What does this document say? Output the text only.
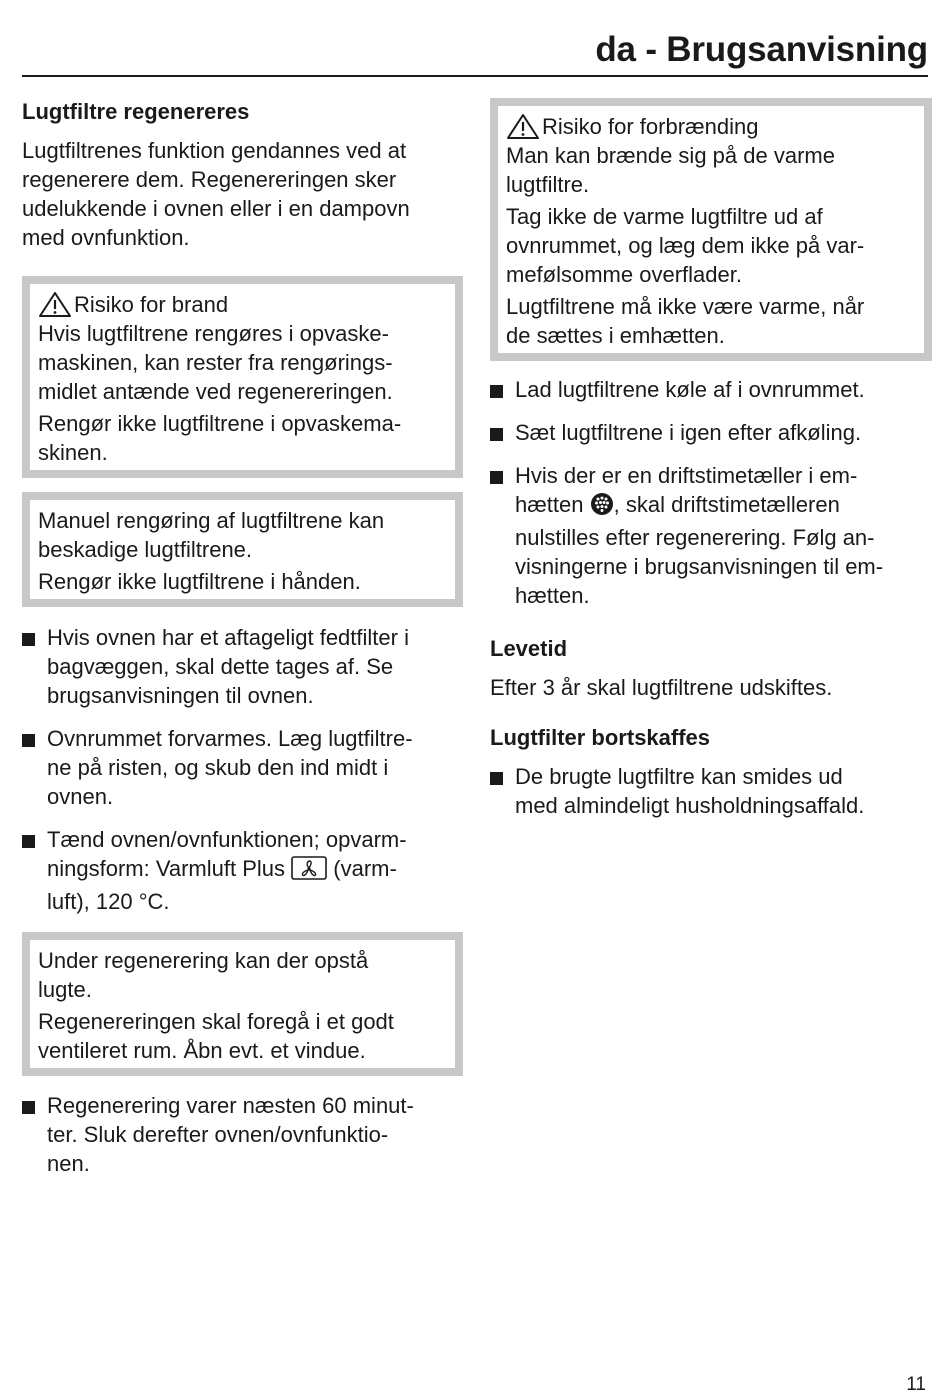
da - Brugsanvisning
Lugtfiltre regenereres
Lugtfiltrenes funktion gendannes ved at
regenerere dem. Regenereringen sker
udelukkende i ovnen eller i en dampovn
med ovnfunktion.
Risiko for brand
Hvis lugtfiltrene rengøres i opvaske-
maskinen, kan rester fra rengørings-
midlet antænde ved regenereringen.
Rengør ikke lugtfiltrene i opvaskema-
skinen.
Manuel rengøring af lugtfiltrene kan
beskadige lugtfiltrene.
Rengør ikke lugtfiltrene i hånden.
Hvis ovnen har et aftageligt fedtfilter i
bagvæggen, skal dette tages af. Se
brugsanvisningen til ovnen.
Ovnrummet forvarmes. Læg lugtfiltre-
ne på risten, og skub den ind midt i
ovnen.
Tænd ovnen/ovnfunktionen; opvarm-
ningsform: Varmluft Plus (varm-
luft), 120 °C.
Under regenerering kan der opstå
lugte.
Regenereringen skal foregå i et godt
ventileret rum. Åbn evt. et vindue.
Regenerering varer næsten 60 minut-
ter. Sluk derefter ovnen/ovnfunktio-
nen.
Risiko for forbrænding
Man kan brænde sig på de varme
lugtfiltre.
Tag ikke de varme lugtfiltre ud af
ovnrummet, og læg dem ikke på var-
mefølsomme overflader.
Lugtfiltrene må ikke være varme, når
de sættes i emhætten.
Lad lugtfiltrene køle af i ovnrummet.
Sæt lugtfiltrene i igen efter afkøling.
Hvis der er en driftstimetæller i em-
hætten , skal driftstimetælleren
nulstilles efter regenerering. Følg an-
visningerne i brugsanvisningen til em-
hætten.
Levetid
Efter 3 år skal lugtfiltrene udskiftes.
Lugtfilter bortskaffes
De brugte lugtfiltre kan smides ud
med almindeligt husholdningsaffald.
11
